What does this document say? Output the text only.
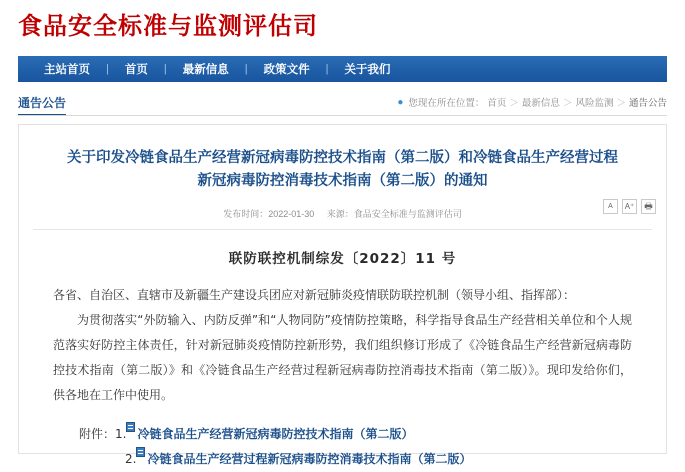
食品安全标准与监测评估司
主站首页	|	首页	|	最新信息	|	政策文件	|	关于我们
通告公告	● 您现在所在位置： 首页 ＞ 最新信息 ＞ 风险监测 ＞ 通告公告
关于印发冷链食品生产经营新冠病毒防控技术指南（第二版）和冷链食品生产经营过程新冠病毒防控消毒技术指南（第二版）的通知
发布时间：2022-01-30 来源：食品安全标准与监测评估司
A	A⁺	🖶
联防联控机制综发〔2022〕11 号

各省、自治区、直辖市及新疆生产建设兵团应对新冠肺炎疫情联防联控机制（领导小组、指挥部）：

为贯彻落实“外防输入、内防反弹”和“人物同防”疫情防控策略，科学指导食品生产经营相关单位和个人规范落实好防控主体责任，针对新冠肺炎疫情防控新形势，我们组织修订形成了《冷链食品生产经营新冠病毒防控技术指南（第二版）》和《冷链食品生产经营过程新冠病毒防控消毒技术指南（第二版）》。现印发给你们，供各地在工作中使用。

附件： 1. 冷链食品生产经营新冠病毒防控技术指南（第二版）
2. 冷链食品生产经营过程新冠病毒防控消毒技术指南（第二版）
